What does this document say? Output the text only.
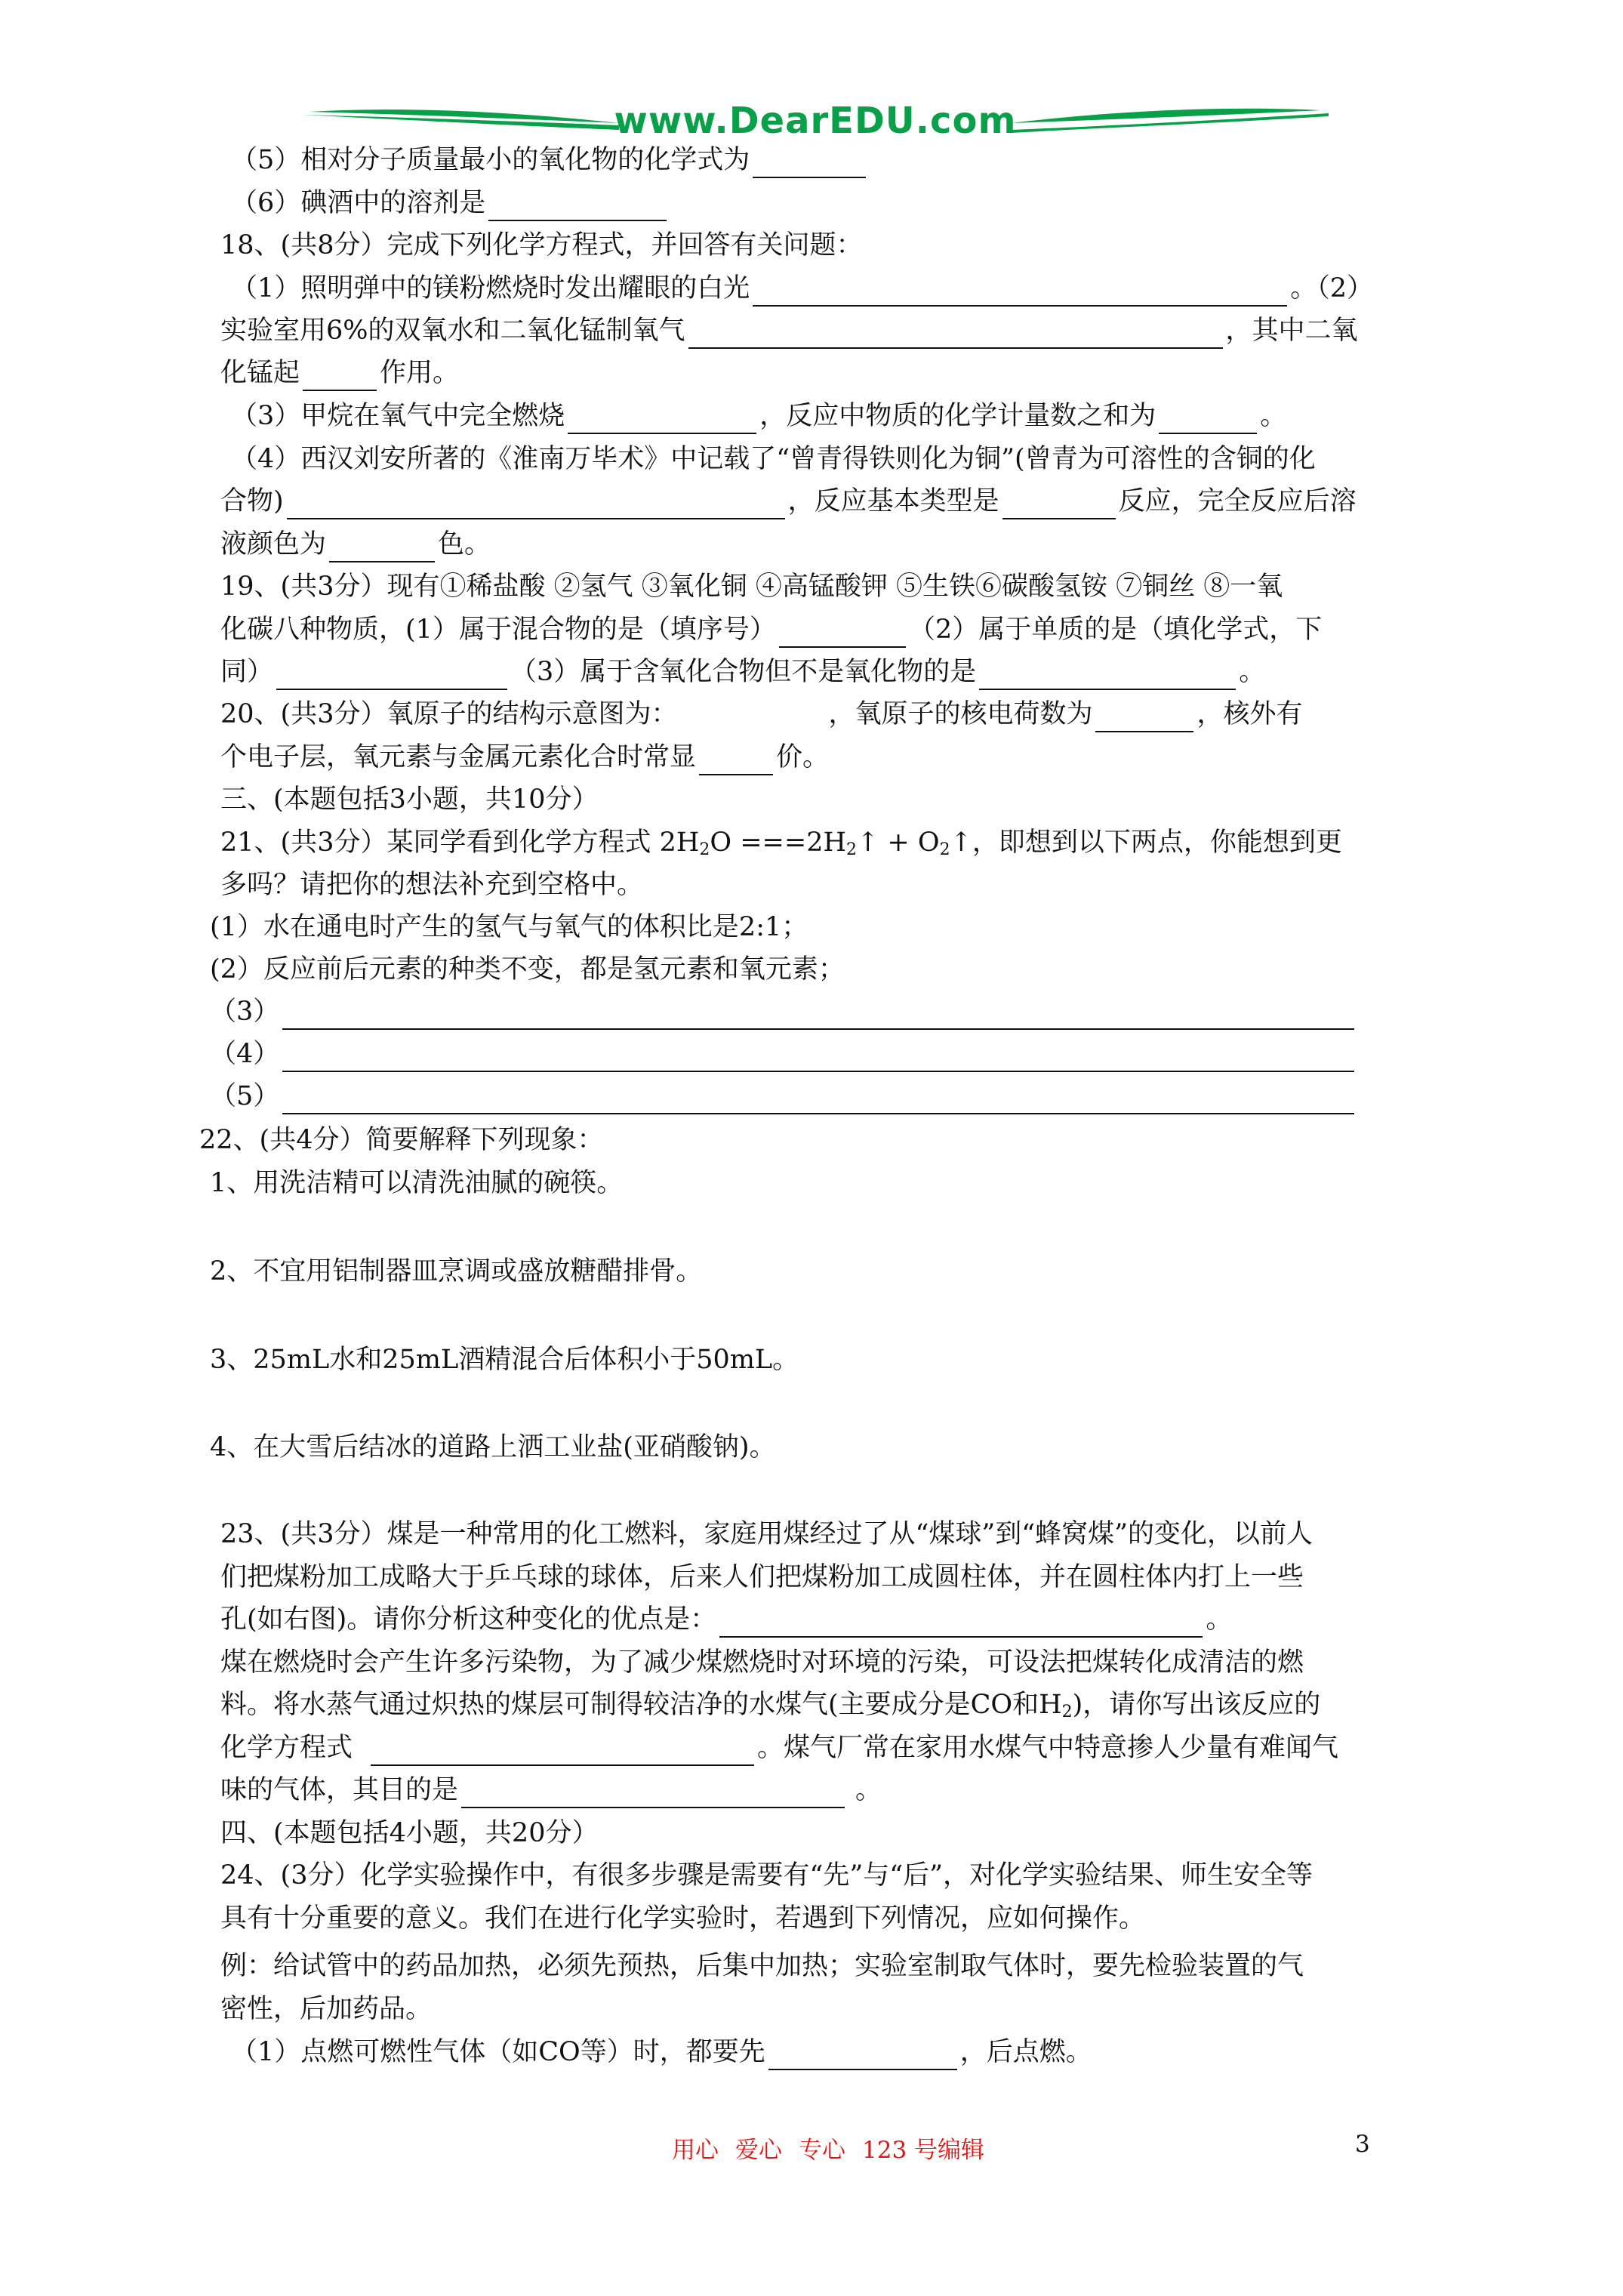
www.DearEDU.com
（5）相对分子质量最小的氧化物的化学式为
（6）碘酒中的溶剂是
18、(共8分）完成下列化学方程式，并回答有关问题：
（1）照明弹中的镁粉燃烧时发出耀眼的白光	。（2）
实验室用6%的双氧水和二氧化锰制氧气	，其中二氧
化锰起	作用。
（3）甲烷在氧气中完全燃烧	，反应中物质的化学计量数之和为	。
（4）西汉刘安所著的《淮南万毕术》中记载了“曾青得铁则化为铜”(曾青为可溶性的含铜的化
合物)	，反应基本类型是	反应，完全反应后溶
液颜色为	色。
19、(共3分）现有①稀盐酸 ②氢气 ③氧化铜 ④高锰酸钾 ⑤生铁⑥碳酸氢铵 ⑦铜丝 ⑧一氧
化碳八种物质，(1）属于混合物的是（填序号）	（2）属于单质的是（填化学式，下
同）	（3）属于含氧化合物但不是氧化物的是	。
20、(共3分）氧原子的结构示意图为：	，氧原子的核电荷数为	，核外有
个电子层，氧元素与金属元素化合时常显	价。
三、(本题包括3小题，共10分）
21、(共3分）某同学看到化学方程式 $2H_2O$ $===2H_2↑$ + $O_2↑$，即想到以下两点，你能想到更
多吗？请把你的想法补充到空格中。
(1）水在通电时产生的氢气与氧气的体积比是2:1；
(2）反应前后元素的种类不变，都是氢元素和氧元素；
（3）
（4）
（5）
22、(共4分）简要解释下列现象：
1、用洗洁精可以清洗油腻的碗筷。
2、不宜用铝制器皿烹调或盛放糖醋排骨。
3、25mL水和25mL酒精混合后体积小于50mL。
4、在大雪后结冰的道路上洒工业盐(亚硝酸钠)。
23、(共3分）煤是一种常用的化工燃料，家庭用煤经过了从“煤球”到“蜂窝煤”的变化，以前人
们把煤粉加工成略大于乒乓球的球体，后来人们把煤粉加工成圆柱体，并在圆柱体内打上一些
孔(如右图)。请你分析这种变化的优点是：	。
煤在燃烧时会产生许多污染物，为了减少煤燃烧时对环境的污染，可设法把煤转化成清洁的燃
料。将水蒸气通过炽热的煤层可制得较洁净的水煤气(主要成分是CO和$H_2$)，请你写出该反应的
化学方程式	。煤气厂常在家用水煤气中特意掺人少量有难闻气
味的气体，其目的是	。
四、(本题包括4小题，共20分）
24、(3分）化学实验操作中，有很多步骤是需要有“先”与“后”，对化学实验结果、师生安全等
具有十分重要的意义。我们在进行化学实验时，若遇到下列情况，应如何操作。
例：给试管中的药品加热，必须先预热，后集中加热；实验室制取气体时，要先检验装置的气
密性，后加药品。
（1）点燃可燃性气体（如CO等）时，都要先	，后点燃。
用心 爱心 专心 123 号编辑	3
